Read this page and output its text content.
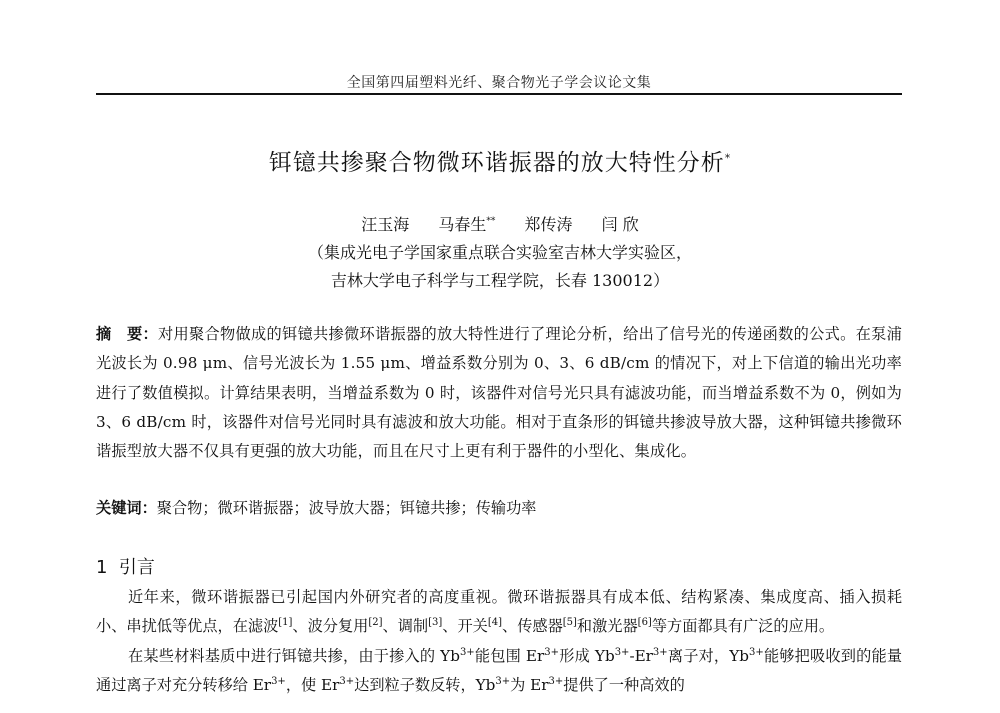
全国第四届塑料光纤、聚合物光子学会议论文集
铒镱共掺聚合物微环谐振器的放大特性分析*
汪玉海 马春生** 郑传涛 闫 欣
（集成光电子学国家重点联合实验室吉林大学实验区，
吉林大学电子科学与工程学院，长春 130012）
摘　要：对用聚合物做成的铒镱共掺微环谐振器的放大特性进行了理论分析，给出了信号光的传递函数的公式。在泵浦光波长为 0.98 μm、信号光波长为 1.55 μm、增益系数分别为 0、3、6 dB/cm 的情况下，对上下信道的输出光功率进行了数值模拟。计算结果表明，当增益系数为 0 时，该器件对信号光只具有滤波功能，而当增益系数不为 0，例如为 3、6 dB/cm 时，该器件对信号光同时具有滤波和放大功能。相对于直条形的铒镱共掺波导放大器，这种铒镱共掺微环谐振型放大器不仅具有更强的放大功能，而且在尺寸上更有利于器件的小型化、集成化。
关键词：聚合物；微环谐振器；波导放大器；铒镱共掺；传输功率
1 引言

近年来，微环谐振器已引起国内外研究者的高度重视。微环谐振器具有成本低、结构紧凑、集成度高、插入损耗小、串扰低等优点，在滤波[1]、波分复用[2]、调制[3]、开关[4]、传感器[5]和激光器[6]等方面都具有广泛的应用。

在某些材料基质中进行铒镱共掺，由于掺入的 $Yb^{3+}$能包围 $Er^{3+}$形成 $Yb^{3+}-Er^{3+}$离子对，$Yb^{3+}$能够把吸收到的能量通过离子对充分转移给 $Er^{3+}$，使 $Er^{3+}$达到粒子数反转，$Yb^{3+}$为 $Er^{3+}$提供了一种高效的
